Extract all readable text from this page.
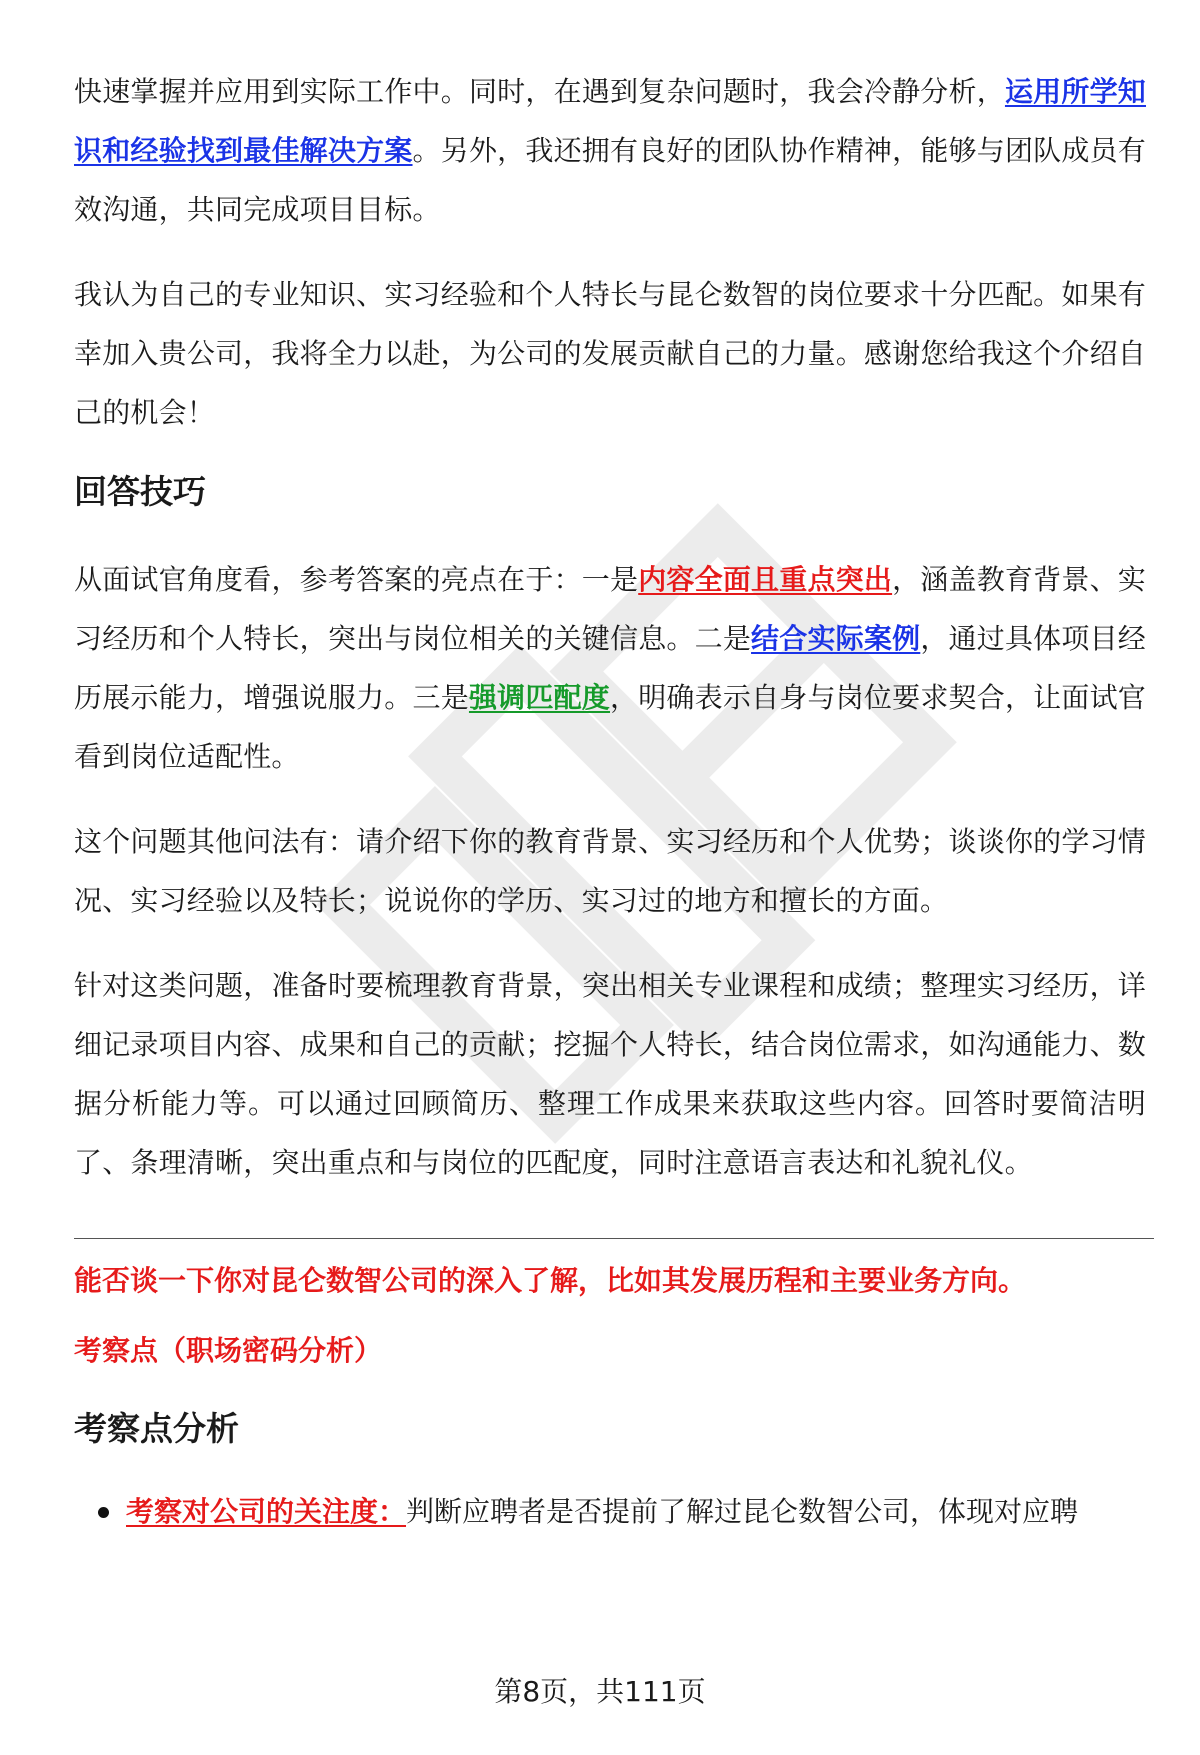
快速掌握并应用到实际工作中。同时，在遇到复杂问题时，我会冷静分析，运用所学知识和经验找到最佳解决方案。另外，我还拥有良好的团队协作精神，能够与团队成员有效沟通，共同完成项目目标。

我认为自己的专业知识、实习经验和个人特长与昆仑数智的岗位要求十分匹配。如果有幸加入贵公司，我将全力以赴，为公司的发展贡献自己的力量。感谢您给我这个介绍自己的机会！

回答技巧

从面试官角度看，参考答案的亮点在于：一是内容全面且重点突出，涵盖教育背景、实习经历和个人特长，突出与岗位相关的关键信息。二是结合实际案例，通过具体项目经历展示能力，增强说服力。三是强调匹配度，明确表示自身与岗位要求契合，让面试官看到岗位适配性。

这个问题其他问法有：请介绍下你的教育背景、实习经历和个人优势；谈谈你的学习情况、实习经验以及特长；说说你的学历、实习过的地方和擅长的方面。

针对这类问题，准备时要梳理教育背景，突出相关专业课程和成绩；整理实习经历，详细记录项目内容、成果和自己的贡献；挖掘个人特长，结合岗位需求，如沟通能力、数据分析能力等。可以通过回顾简历、整理工作成果来获取这些内容。回答时要简洁明了、条理清晰，突出重点和与岗位的匹配度，同时注意语言表达和礼貌礼仪。

能否谈一下你对昆仑数智公司的深入了解，比如其发展历程和主要业务方向。
考察点（职场密码分析）
考察点分析
考察对公司的关注度：判断应聘者是否提前了解过昆仑数智公司，体现对应聘
第8页，共111页
